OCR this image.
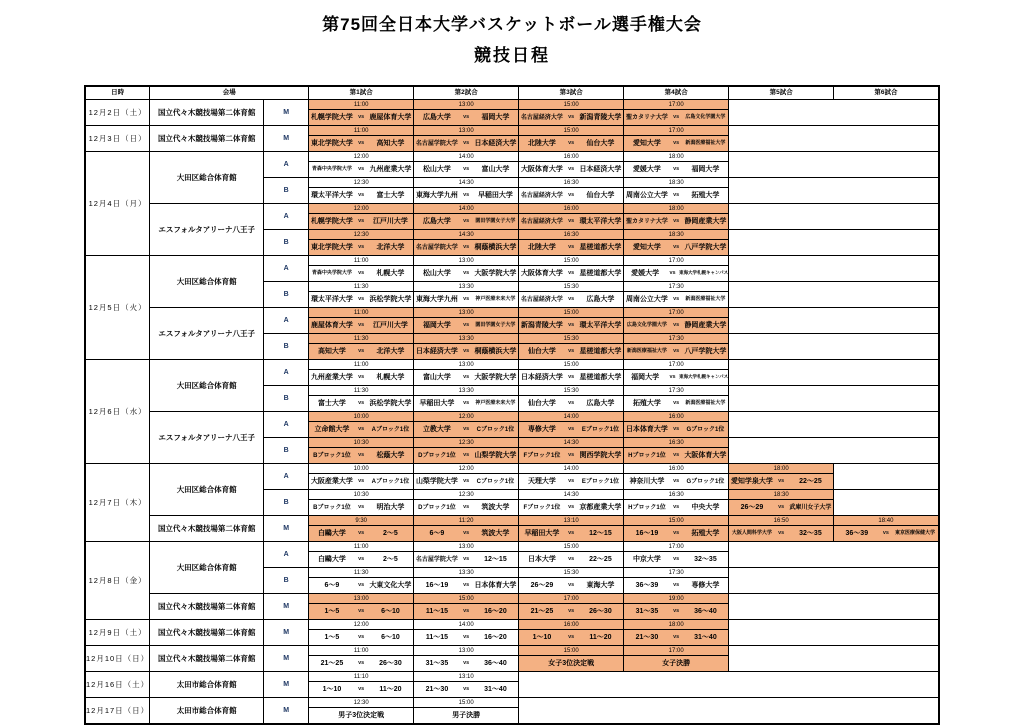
第75回全日本大学バスケットボール選手権大会
競技日程
日時	会場		第1試合	第2試合	第3試合	第4試合	第5試合	第6試合
12月2日（土）	国立代々木競技場第二体育館	M	11:00	13:00	15:00	17:00		

			札幌学院大学 vs 鹿屋体育大学	広島大学 vs 福岡大学	名古屋経済大学 vs 新潟青陵大学	聖カタリナ大学 vs 広島文化学園大学		

12月3日（日）	国立代々木競技場第二体育館	M	11:00	13:00	15:00	17:00		

			東北学院大学 vs 高知大学	名古屋学院大学 vs 日本経済大学	北陸大学 vs 仙台大学	愛知大学 vs 新潟医療福祉大学		

12月4日（月）	大田区総合体育館	A	12:00	14:00	16:00	18:00		

			青森中央学院大学 vs 九州産業大学	松山大学 vs 富山大学	大阪体育大学 vs 日本経済大学	愛媛大学 vs 福岡大学		

		B	12:30	14:30	16:30	18:30		

			環太平洋大学 vs 富士大学	東海大学九州 vs 早稲田大学	名古屋経済大学 vs 仙台大学	周南公立大学 vs 拓殖大学		

	エスフォルタアリーナ八王子	A	12:00	14:00	16:00	18:00		

			札幌学院大学 vs 江戸川大学	広島大学 vs 園田学園女子大学	名古屋経済大学 vs 環太平洋大学	聖カタリナ大学 vs 静岡産業大学		

		B	12:30	14:30	16:30	18:30		

			東北学院大学 vs 北洋大学	名古屋学院大学 vs 桐蔭横浜大学	北陸大学 vs 星槎道都大学	愛知大学 vs 八戸学院大学		

12月5日（火）	大田区総合体育館	A	11:00	13:00	15:00	17:00		

			青森中央学院大学 vs 札幌大学	松山大学 vs 大阪学院大学	大阪体育大学 vs 星槎道都大学	愛媛大学 vs 東海大学札幌キャンパス		

		B	11:30	13:30	15:30	17:30		

			環太平洋大学 vs 浜松学院大学	東海大学九州 vs 神戸医療未来大学	名古屋経済大学 vs 広島大学	周南公立大学 vs 新潟医療福祉大学		

	エスフォルタアリーナ八王子	A	11:00	13:00	15:00	17:00		

			鹿屋体育大学 vs 江戸川大学	福岡大学 vs 園田学園女子大学	新潟青陵大学 vs 環太平洋大学	広島文化学園大学 vs 静岡産業大学		

		B	11:30	13:30	15:30	17:30		

			高知大学 vs 北洋大学	日本経済大学 vs 桐蔭横浜大学	仙台大学 vs 星槎道都大学	新潟医療福祉大学 vs 八戸学院大学		

12月6日（水）	大田区総合体育館	A	11:00	13:00	15:00	17:00		

			九州産業大学 vs 札幌大学	富山大学 vs 大阪学院大学	日本経済大学 vs 星槎道都大学	福岡大学 vs 東海大学札幌キャンパス		

		B	11:30	13:30	15:30	17:30		

			富士大学 vs 浜松学院大学	早稲田大学 vs 神戸医療未来大学	仙台大学 vs 広島大学	拓殖大学 vs 新潟医療福祉大学		

	エスフォルタアリーナ八王子	A	10:00	12:00	14:00	16:00		

			立命館大学 vs Aブロック1位	立教大学 vs Cブロック1位	専修大学 vs Eブロック1位	日本体育大学 vs Gブロック1位		

		B	10:30	12:30	14:30	16:30		

			Bブロック1位 vs 松蔭大学	Dブロック1位 vs 山梨学院大学	Fブロック1位 vs 関西学院大学	Hブロック1位 vs 大阪体育大学		

12月7日（木）	大田区総合体育館	A	10:00	12:00	14:00	16:00	18:00	

			大阪産業大学 vs Aブロック1位	山梨学院大学 vs Cブロック1位	天理大学 vs Eブロック1位	神奈川大学 vs Gブロック1位	愛知学泉大学 vs 22～25	

		B	10:30	12:30	14:30	16:30	18:30	

			Bブロック1位 vs 明治大学	Dブロック1位 vs 筑波大学	Fブロック1位 vs 京都産業大学	Hブロック1位 vs 中央大学	26～29 vs 武庫川女子大学	

	国立代々木競技場第二体育館	M	9:30	11:20	13:10	15:00	16:50	18:40

			白鷗大学 vs 2～5	6～9 vs 筑波大学	早稲田大学 vs 12～15	16～19 vs 拓殖大学	大阪人間科学大学 vs 32～35	36～39 vs 東京医療保健大学

12月8日（金）	大田区総合体育館	A	11:00	13:00	15:00	17:00		

			白鷗大学 vs 2～5	名古屋学院大学 vs 12～15	日本大学 vs 22～25	中京大学 vs 32～35		

		B	11:30	13:30	15:30	17:30		

			6～9 vs 大東文化大学	16～19 vs 日本体育大学	26～29 vs 東海大学	36～39 vs 専修大学		

	国立代々木競技場第二体育館	M	13:00	15:00	17:00	19:00		

			1～5 vs 6～10	11～15 vs 16～20	21～25 vs 26～30	31～35 vs 36～40		

12月9日（土）	国立代々木競技場第二体育館	M	12:00	14:00	16:00	18:00		

			1～5 vs 6～10	11～15 vs 16～20	1～10 vs 11～20	21～30 vs 31～40		

12月10日（日）	国立代々木競技場第二体育館	M	11:00	13:00	15:00	17:00		

			21～25 vs 26～30	31～35 vs 36～40	女子3位決定戦	女子決勝		

12月16日（土）	太田市総合体育館	M	11:10	13:10				

			1～10 vs 11～20	21～30 vs 31～40				

12月17日（日）	太田市総合体育館	M	12:30	15:00				

			男子3位決定戦	男子決勝				
